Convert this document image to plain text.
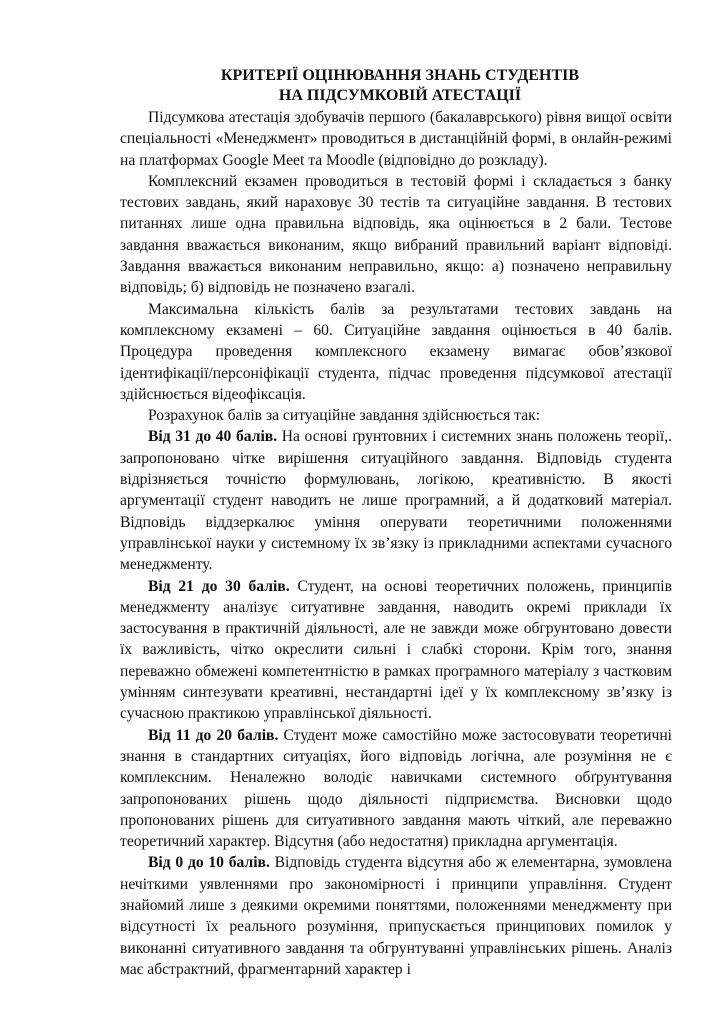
КРИТЕРІЇ ОЦІНЮВАННЯ ЗНАНЬ СТУДЕНТІВ
НА ПІДСУМКОВІЙ АТЕСТАЦІЇ

Підсумкова атестація здобувачів першого (бакалаврського) рівня вищої освіти спеціальності «Менеджмент» проводиться в дистанційній формі, в онлайн-режимі на платформах Google Meet та Moodle (відповідно до розкладу).

Комплексний екзамен проводиться в тестовій формі і складається з банку тестових завдань, який нараховує 30 тестів та ситуаційне завдання. В тестових питаннях лише одна правильна відповідь, яка оцінюється в 2 бали. Тестове завдання вважається виконаним, якщо вибраний правильний варіант відповіді. Завдання вважається виконаним неправильно, якщо: а) позначено неправильну відповідь; б) відповідь не позначено взагалі.

Максимальна кількість балів за результатами тестових завдань на комплексному екзамені – 60. Ситуаційне завдання оцінюється в 40 балів. Процедура проведення комплексного екзамену вимагає обов’язкової ідентифікації/персоніфікації студента, підчас проведення підсумкової атестації здійснюється відеофіксація.

Розрахунок балів за ситуаційне завдання здійснюється так:

Від 31 до 40 балів. На основі ґрунтовних і системних знань положень теорії,. запропоновано чітке вирішення ситуаційного завдання. Відповідь студента відрізняється точністю формулювань, логікою, креативністю. В якості аргументації студент наводить не лише програмний, а й додатковий матеріал. Відповідь віддзеркалює уміння оперувати теоретичними положеннями управлінської науки у системному їх зв’язку із прикладними аспектами сучасного менеджменту.

Від 21 до 30 балів. Студент, на основі теоретичних положень, принципів менеджменту аналізує ситуативне завдання, наводить окремі приклади їх застосування в практичній діяльності, але не завжди може обгрунтовано довести їх важливість, чітко окреслити сильні і слабкі сторони. Крім того, знання переважно обмежені компетентністю в рамках програмного матеріалу з частковим умінням синтезувати креативні, нестандартні ідеї у їх комплексному зв’язку із сучасною практикою управлінської діяльності.

Від 11 до 20 балів. Студент може самостійно може застосовувати теоретичні знання в стандартних ситуаціях, його відповідь логічна, але розуміння не є комплексним. Неналежно володіє навичками системного обґрунтування запропонованих рішень щодо діяльності підприємства. Висновки щодо пропонованих рішень для ситуативного завдання мають чіткий, але переважно теоретичний характер. Відсутня (або недостатня) прикладна аргументація.

Від 0 до 10 балів. Відповідь студента відсутня або ж елементарна, зумовлена нечіткими уявленнями про закономірності і принципи управління. Студент знайомий лише з деякими окремими поняттями, положеннями менеджменту при відсутності їх реального розуміння, припускається принципових помилок у виконанні ситуативного завдання та обгрунтуванні управлінських рішень. Аналіз має абстрактний, фрагментарний характер і
